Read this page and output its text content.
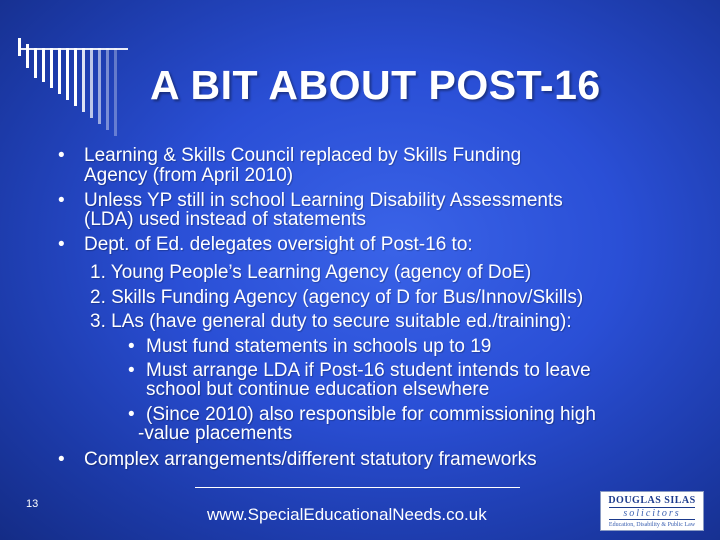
A BIT ABOUT POST-16
• Learning & Skills Council replaced by Skills Funding
Agency (from April 2010)
• Unless YP still in school Learning Disability Assessments
(LDA) used instead of statements
• Dept. of Ed. delegates oversight of Post-16 to:
1. Young People’s Learning Agency (agency of DoE)
2. Skills Funding Agency (agency of D for Bus/Innov/Skills)
3. LAs (have general duty to secure suitable ed./training):
• Must fund statements in schools up to 19
• Must arrange LDA if Post-16 student intends to leave
school but continue education elsewhere
• (Since 2010) also responsible for commissioning high
-value placements
• Complex arrangements/different statutory frameworks
13
www.SpecialEducationalNeeds.co.uk
DOUGLAS SILAS
solicitors
Education, Disability & Public Law
